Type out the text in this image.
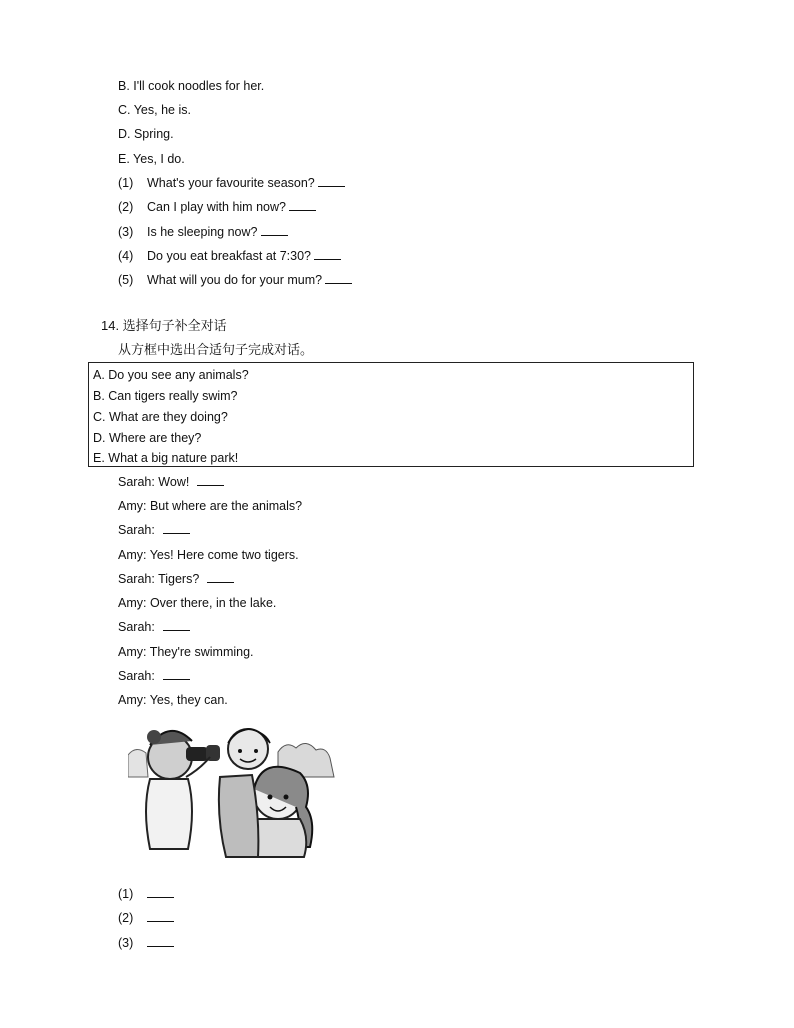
B. I'll cook noodles for her.
C. Yes, he is.
D. Spring.
E. Yes, I do.
(1) What's your favourite season?
(2) Can I play with him now?
(3) Is he sleeping now?
(4) Do you eat breakfast at 7:30?
(5) What will you do for your mum?
14. 选择句子补全对话
从方框中选出合适句子完成对话。
A. Do you see any animals?
B. Can tigers really swim?
C. What are they doing?
D. Where are they?
E. What a big nature park!
Sarah: Wow!
Amy: But where are the animals?
Sarah:
Amy: Yes! Here come two tigers.
Sarah: Tigers?
Amy: Over there, in the lake.
Sarah:
Amy: They're swimming.
Sarah:
Amy: Yes, they can.
(1)
(2)
(3)
